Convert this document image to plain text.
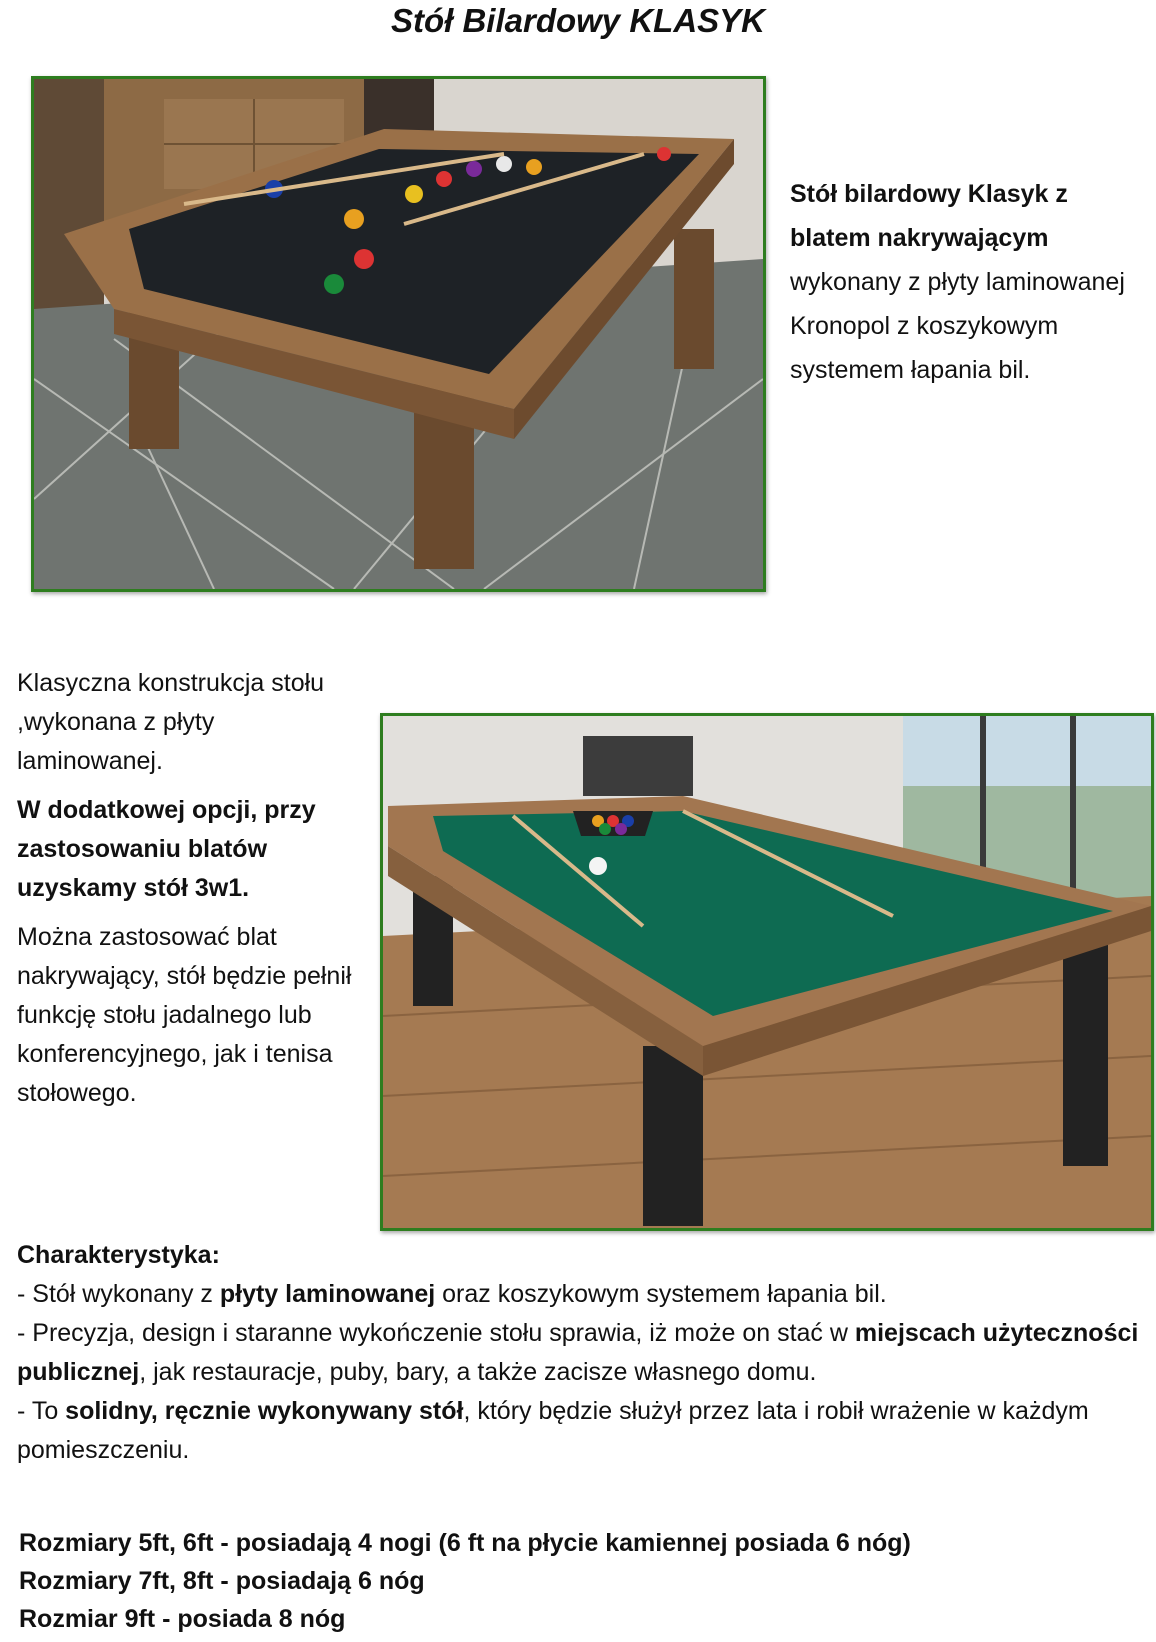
Stół Bilardowy KLASYK
Stół bilardowy Klasyk z blatem nakrywającym wykonany z płyty laminowanej Kronopol z koszykowym systemem łapania bil.

Klasyczna konstrukcja stołu ,wykonana z płyty laminowanej.

W dodatkowej opcji, przy zastosowaniu blatów uzyskamy stół 3w1.

Można zastosować blat nakrywający, stół będzie pełnił funkcję stołu jadalnego lub konferencyjnego, jak i tenisa stołowego.

Charakterystyka:

- Stół wykonany z płyty laminowanej oraz koszykowym systemem łapania bil.

- Precyzja, design i staranne wykończenie stołu sprawia, iż może on stać w miejscach użyteczności publicznej, jak restauracje, puby, bary, a także zacisze własnego domu.

- To solidny, ręcznie wykonywany stół, który będzie służył przez lata i robił wrażenie w każdym pomieszczeniu.

Rozmiary 5ft, 6ft - posiadają 4 nogi (6 ft na płycie kamiennej posiada 6 nóg)

Rozmiary 7ft, 8ft - posiadają 6 nóg

Rozmiar 9ft - posiada 8 nóg
